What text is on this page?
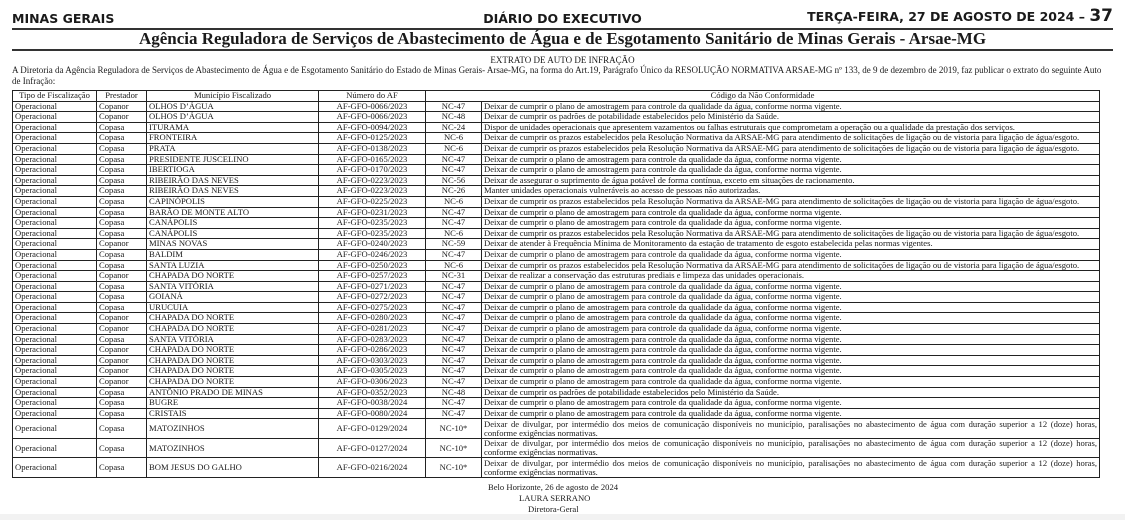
MINAS GERAIS	DIÁRIO DO EXECUTIVO	TERÇA-FEIRA, 27 DE AGOSTO DE 2024 – 37
Agência Reguladora de Serviços de Abastecimento de Água e de Esgotamento Sanitário de Minas Gerais - Arsae-MG
EXTRATO DE AUTO DE INFRAÇÃO
A Diretoria da Agência Reguladora de Serviços de Abastecimento de Água e de Esgotamento Sanitário do Estado de Minas Gerais- Arsae-MG, na forma do Art.19, Parágrafo Único da RESOLUÇÃO NORMATIVA ARSAE-MG nº 133, de 9 de dezembro de 2019, faz publicar o extrato do seguinte Auto de Infração:
Tipo de Fiscalização	Prestador	Município Fiscalizado	Número do AF	Código da Não Conformidade	
Operacional	Copanor	OLHOS D’ÁGUA	AF-GFO-0066/2023	NC-47	Deixar de cumprir o plano de amostragem para controle da qualidade da água, conforme norma vigente.
Operacional	Copanor	OLHOS D’ÁGUA	AF-GFO-0066/2023	NC-48	Deixar de cumprir os padrões de potabilidade estabelecidos pelo Ministério da Saúde.
Operacional	Copasa	ITURAMA	AF-GFO-0094/2023	NC-24	Dispor de unidades operacionais que apresentem vazamentos ou falhas estruturais que comprometam a operação ou a qualidade da prestação dos serviços.
Operacional	Copasa	FRONTEIRA	AF-GFO-0125/2023	NC-6	Deixar de cumprir os prazos estabelecidos pela Resolução Normativa da ARSAE-MG para atendimento de solicitações de ligação ou de vistoria para ligação de água/esgoto.
Operacional	Copasa	PRATA	AF-GFO-0138/2023	NC-6	Deixar de cumprir os prazos estabelecidos pela Resolução Normativa da ARSAE-MG para atendimento de solicitações de ligação ou de vistoria para ligação de água/esgoto.
Operacional	Copasa	PRESIDENTE JUSCELINO	AF-GFO-0165/2023	NC-47	Deixar de cumprir o plano de amostragem para controle da qualidade da água, conforme norma vigente.
Operacional	Copasa	IBERTIOGA	AF-GFO-0170/2023	NC-47	Deixar de cumprir o plano de amostragem para controle da qualidade da água, conforme norma vigente.
Operacional	Copasa	RIBEIRÃO DAS NEVES	AF-GFO-0223/2023	NC-56	Deixar de assegurar o suprimento de água potável de forma contínua, exceto em situações de racionamento.
Operacional	Copasa	RIBEIRÃO DAS NEVES	AF-GFO-0223/2023	NC-26	Manter unidades operacionais vulneráveis ao acesso de pessoas não autorizadas.
Operacional	Copasa	CAPINÓPOLIS	AF-GFO-0225/2023	NC-6	Deixar de cumprir os prazos estabelecidos pela Resolução Normativa da ARSAE-MG para atendimento de solicitações de ligação ou de vistoria para ligação de água/esgoto.
Operacional	Copasa	BARÃO DE MONTE ALTO	AF-GFO-0231/2023	NC-47	Deixar de cumprir o plano de amostragem para controle da qualidade da água, conforme norma vigente.
Operacional	Copasa	CANÁPOLIS	AF-GFO-0235/2023	NC-47	Deixar de cumprir o plano de amostragem para controle da qualidade da água, conforme norma vigente.
Operacional	Copasa	CANÁPOLIS	AF-GFO-0235/2023	NC-6	Deixar de cumprir os prazos estabelecidos pela Resolução Normativa da ARSAE-MG para atendimento de solicitações de ligação ou de vistoria para ligação de água/esgoto.
Operacional	Copanor	MINAS NOVAS	AF-GFO-0240/2023	NC-59	Deixar de atender à Frequência Mínima de Monitoramento da estação de tratamento de esgoto estabelecida pelas normas vigentes.
Operacional	Copasa	BALDIM	AF-GFO-0246/2023	NC-47	Deixar de cumprir o plano de amostragem para controle da qualidade da água, conforme norma vigente.
Operacional	Copasa	SANTA LUZIA	AF-GFO-0250/2023	NC-6	Deixar de cumprir os prazos estabelecidos pela Resolução Normativa da ARSAE-MG para atendimento de solicitações de ligação ou de vistoria para ligação de água/esgoto.
Operacional	Copanor	CHAPADA DO NORTE	AF-GFO-0257/2023	NC-31	Deixar de realizar a conservação das estruturas prediais e limpeza das unidades operacionais.
Operacional	Copasa	SANTA VITÓRIA	AF-GFO-0271/2023	NC-47	Deixar de cumprir o plano de amostragem para controle da qualidade da água, conforme norma vigente.
Operacional	Copasa	GOIANÁ	AF-GFO-0272/2023	NC-47	Deixar de cumprir o plano de amostragem para controle da qualidade da água, conforme norma vigente.
Operacional	Copasa	URUCUIA	AF-GFO-0275/2023	NC-47	Deixar de cumprir o plano de amostragem para controle da qualidade da água, conforme norma vigente.
Operacional	Copanor	CHAPADA DO NORTE	AF-GFO-0280/2023	NC-47	Deixar de cumprir o plano de amostragem para controle da qualidade da água, conforme norma vigente.
Operacional	Copanor	CHAPADA DO NORTE	AF-GFO-0281/2023	NC-47	Deixar de cumprir o plano de amostragem para controle da qualidade da água, conforme norma vigente.
Operacional	Copasa	SANTA VITÓRIA	AF-GFO-0283/2023	NC-47	Deixar de cumprir o plano de amostragem para controle da qualidade da água, conforme norma vigente.
Operacional	Copanor	CHAPADA DO NORTE	AF-GFO-0286/2023	NC-47	Deixar de cumprir o plano de amostragem para controle da qualidade da água, conforme norma vigente.
Operacional	Copanor	CHAPADA DO NORTE	AF-GFO-0303/2023	NC-47	Deixar de cumprir o plano de amostragem para controle da qualidade da água, conforme norma vigente.
Operacional	Copanor	CHAPADA DO NORTE	AF-GFO-0305/2023	NC-47	Deixar de cumprir o plano de amostragem para controle da qualidade da água, conforme norma vigente.
Operacional	Copanor	CHAPADA DO NORTE	AF-GFO-0306/2023	NC-47	Deixar de cumprir o plano de amostragem para controle da qualidade da água, conforme norma vigente.
Operacional	Copasa	ANTÔNIO PRADO DE MINAS	AF-GFO-0352/2023	NC-48	Deixar de cumprir os padrões de potabilidade estabelecidos pelo Ministério da Saúde.
Operacional	Copasa	BUGRE	AF-GFO-0038/2024	NC-47	Deixar de cumprir o plano de amostragem para controle da qualidade da água, conforme norma vigente.
Operacional	Copasa	CRISTAIS	AF-GFO-0080/2024	NC-47	Deixar de cumprir o plano de amostragem para controle da qualidade da água, conforme norma vigente.
Operacional	Copasa	MATOZINHOS	AF-GFO-0129/2024	NC-10*	Deixar de divulgar, por intermédio dos meios de comunicação disponíveis no município, paralisações no abastecimento de água com duração superior a 12 (doze) horas, conforme exigências normativas.
Operacional	Copasa	MATOZINHOS	AF-GFO-0127/2024	NC-10*	Deixar de divulgar, por intermédio dos meios de comunicação disponíveis no município, paralisações no abastecimento de água com duração superior a 12 (doze) horas, conforme exigências normativas.
Operacional	Copasa	BOM JESUS DO GALHO	AF-GFO-0216/2024	NC-10*	Deixar de divulgar, por intermédio dos meios de comunicação disponíveis no município, paralisações no abastecimento de água com duração superior a 12 (doze) horas, conforme exigências normativas.
Belo Horizonte, 26 de agosto de 2024
LAURA SERRANO
Diretora-Geral
